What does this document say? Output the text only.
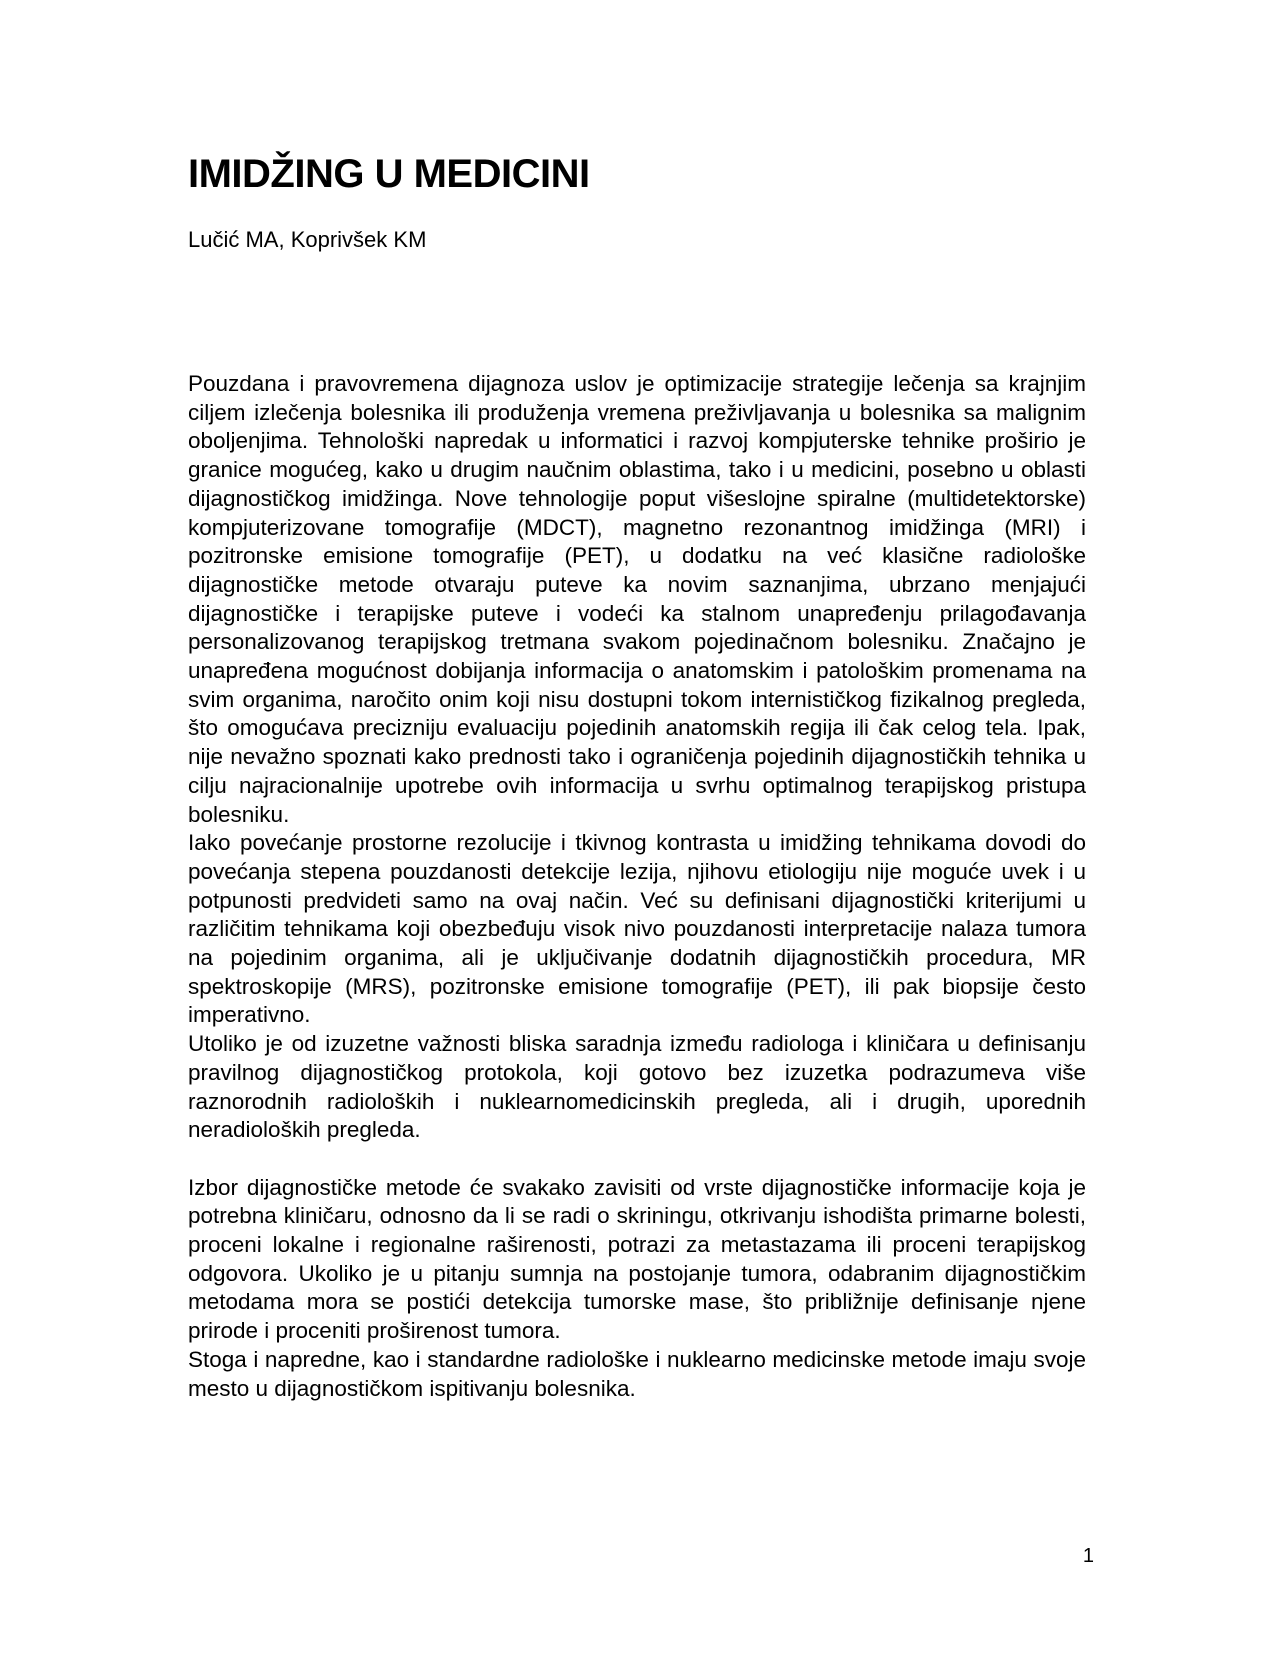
IMIDŽING U MEDICINI
Lučić MA, Koprivšek KM

Pouzdana i pravovremena dijagnoza uslov je optimizacije strategije lečenja sa krajnjim ciljem izlečenja bolesnika ili produženja vremena preživljavanja u bolesnika sa malignim oboljenjima. Tehnološki napredak u informatici i razvoj kompjuterske tehnike proširio je granice mogućeg, kako u drugim naučnim oblastima, tako i u medicini, posebno u oblasti dijagnostičkog imidžinga. Nove tehnologije poput višeslojne spiralne (multidetektorske) kompjuterizovane tomografije (MDCT), magnetno rezonantnog imidžinga (MRI) i pozitronske emisione tomografije (PET), u dodatku na već klasične radiološke dijagnostičke metode otvaraju puteve ka novim saznanjima, ubrzano menjajući dijagnostičke i terapijske puteve i vodeći ka stalnom unapređenju prilagođavanja personalizovanog terapijskog tretmana svakom pojedinačnom bolesniku. Značajno je unapređena mogućnost dobijanja informacija o anatomskim i patološkim promenama na svim organima, naročito onim koji nisu dostupni tokom internističkog fizikalnog pregleda, što omogućava precizniju evaluaciju pojedinih anatomskih regija ili čak celog tela. Ipak, nije nevažno spoznati kako prednosti tako i ograničenja pojedinih dijagnostičkih tehnika u cilju najracionalnije upotrebe ovih informacija u svrhu optimalnog terapijskog pristupa bolesniku.

Iako povećanje prostorne rezolucije i tkivnog kontrasta u imidžing tehnikama dovodi do povećanja stepena pouzdanosti detekcije lezija, njihovu etiologiju nije moguće uvek i u potpunosti predvideti samo na ovaj način. Već su definisani dijagnostički kriterijumi u različitim tehnikama koji obezbeđuju visok nivo pouzdanosti interpretacije nalaza tumora na pojedinim organima, ali je uključivanje dodatnih dijagnostičkih procedura, MR spektroskopije (MRS), pozitronske emisione tomografije (PET), ili pak biopsije često imperativno.

Utoliko je od izuzetne važnosti bliska saradnja između radiologa i kliničara u definisanju pravilnog dijagnostičkog protokola, koji gotovo bez izuzetka podrazumeva više raznorodnih radioloških i nuklearnomedicinskih pregleda, ali i drugih, uporednih neradioloških pregleda.

Izbor dijagnostičke metode će svakako zavisiti od vrste dijagnostičke informacije koja je potrebna kliničaru, odnosno da li se radi o skriningu, otkrivanju ishodišta primarne bolesti, proceni lokalne i regionalne raširenosti, potrazi za metastazama ili proceni terapijskog odgovora. Ukoliko je u pitanju sumnja na postojanje tumora, odabranim dijagnostičkim metodama mora se postići detekcija tumorske mase, što približnije definisanje njene prirode i proceniti proširenost tumora.

Stoga i napredne, kao i standardne radiološke i nuklearno medicinske metode imaju svoje mesto u dijagnostičkom ispitivanju bolesnika.

1
